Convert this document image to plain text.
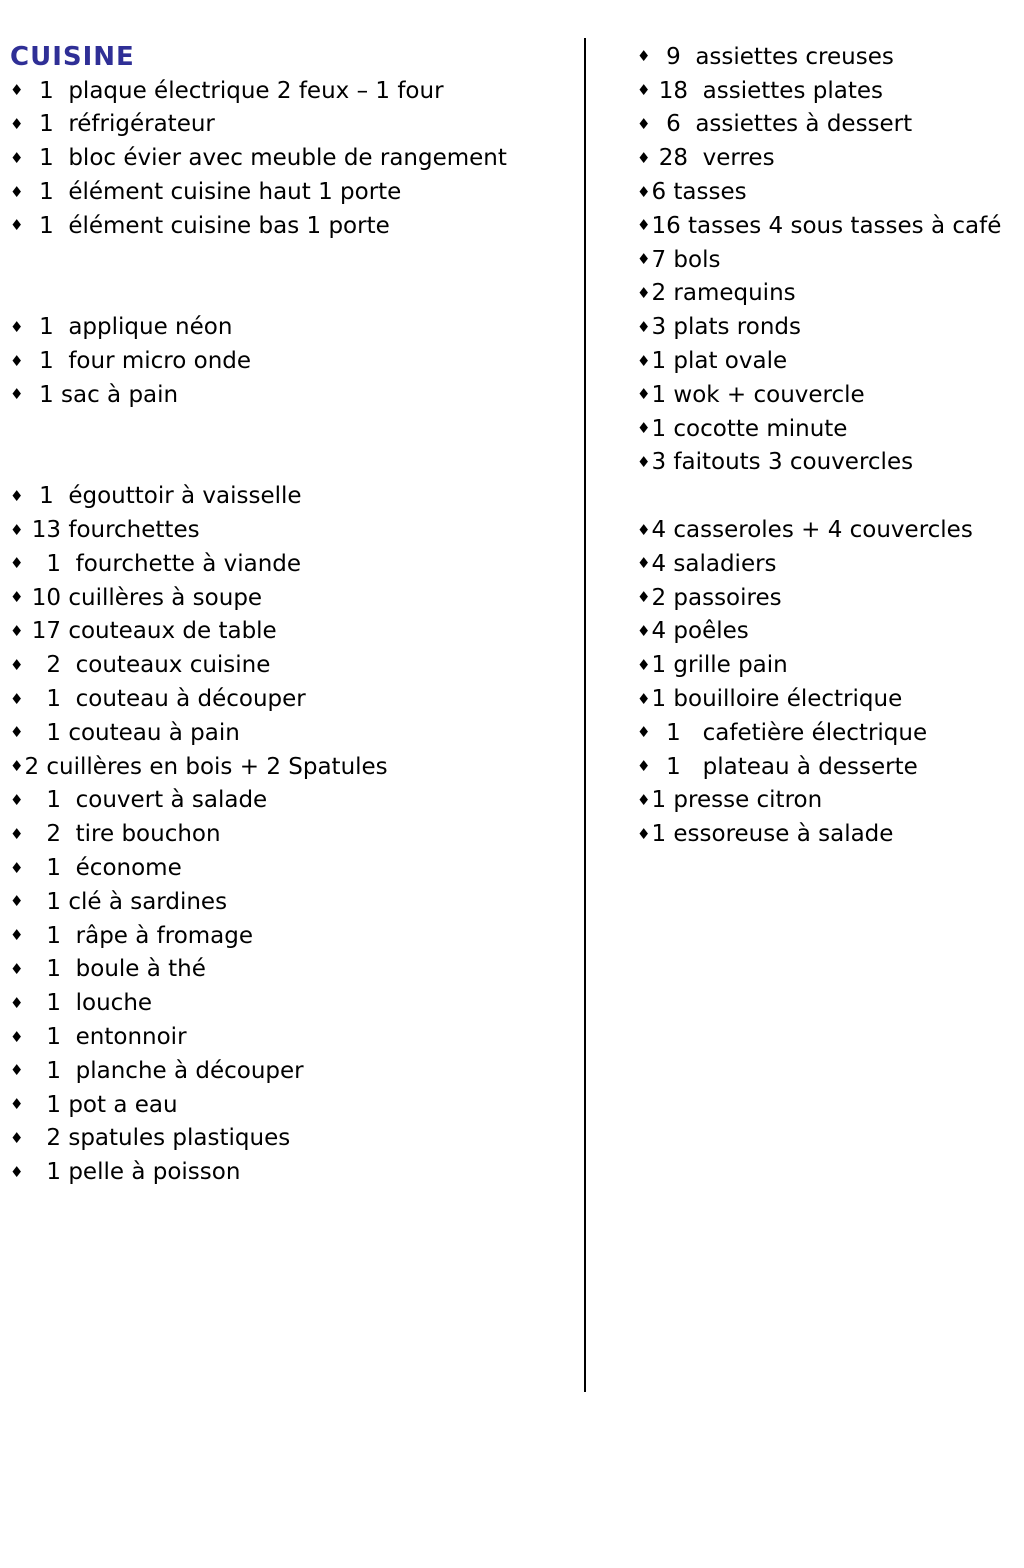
CUISINE
♦ 1  plaque électrique 2 feux – 1 four
♦ 1  réfrigérateur
♦ 1  bloc évier avec meuble de rangement
♦ 1  élément cuisine haut 1 porte
♦ 1  élément cuisine bas 1 porte

♦ 1  applique néon
♦ 1  four micro onde
♦ 1 sac à pain

♦ 1  égouttoir à vaisselle
♦ 13 fourchettes
♦ 1  fourchette à viande
♦ 10 cuillères à soupe
♦ 17 couteaux de table
♦ 2  couteaux cuisine
♦ 1  couteau à découper
♦ 1 couteau à pain
♦ 2 cuillères en bois + 2 Spatules
♦ 1  couvert à salade
♦ 2  tire bouchon
♦ 1  économe
♦ 1 clé à sardines
♦ 1  râpe à fromage
♦ 1  boule à thé
♦ 1  louche
♦ 1  entonnoir
♦ 1  planche à découper
♦ 1 pot a eau
♦ 2 spatules plastiques
♦ 1 pelle à poisson
♦ 9  assiettes creuses
♦ 18  assiettes plates
♦ 6  assiettes à dessert
♦ 28  verres
♦ 6 tasses
♦ 16 tasses 4 sous tasses à café
♦ 7 bols
♦ 2 ramequins
♦ 3 plats ronds
♦ 1 plat ovale
♦ 1 wok + couvercle
♦ 1 cocotte minute
♦ 3 faitouts 3 couvercles

♦ 4 casseroles + 4 couvercles
♦ 4 saladiers
♦ 2 passoires
♦ 4 poêles
♦ 1 grille pain
♦ 1 bouilloire électrique
♦ 1   cafetière électrique
♦ 1   plateau à desserte
♦ 1 presse citron
♦ 1 essoreuse à salade
